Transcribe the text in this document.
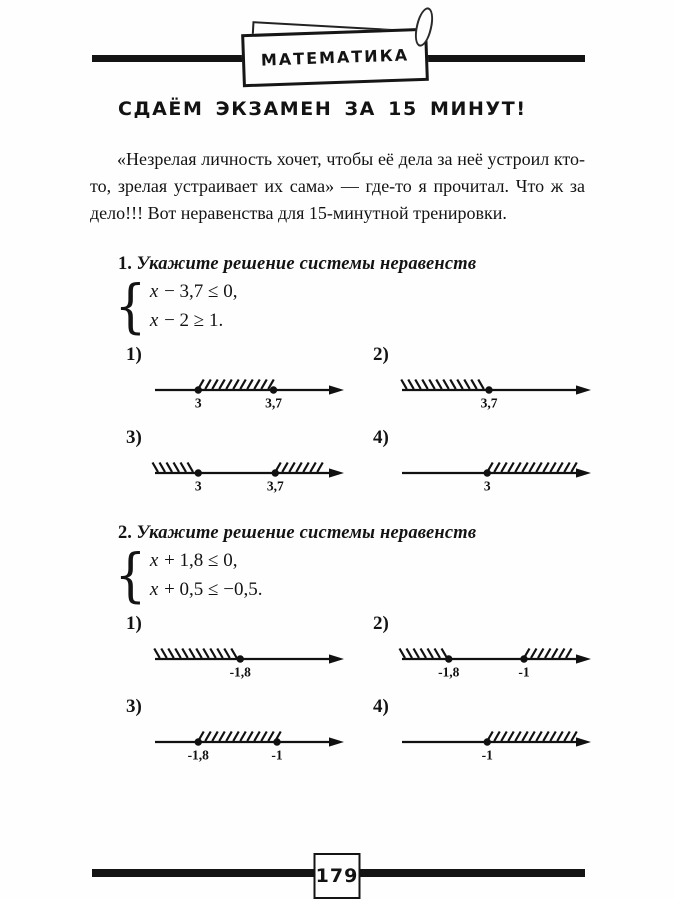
МАТЕМАТИКА
СДАЁМ ЭКЗАМЕН ЗА 15 МИНУТ!

«Незрелая личность хочет, чтобы её дела за неё устроил кто-то, зрелая устраивает их сама» — где-то я прочитал. Что ж за дело!!! Вот неравенства для 15-минутной тренировки.

1. Укажите решение системы неравенств
{ x − 3,7 ≤ 0,
x − 2 ≥ 1.
1)
3	3,7
2)
3,7
3)
3	3,7
4)
3
2. Укажите решение системы неравенств
{ x + 1,8 ≤ 0,
x + 0,5 ≤ −0,5.
1)
-1,8
2)
-1,8	-1
3)
-1,8	-1
4)
-1
179
